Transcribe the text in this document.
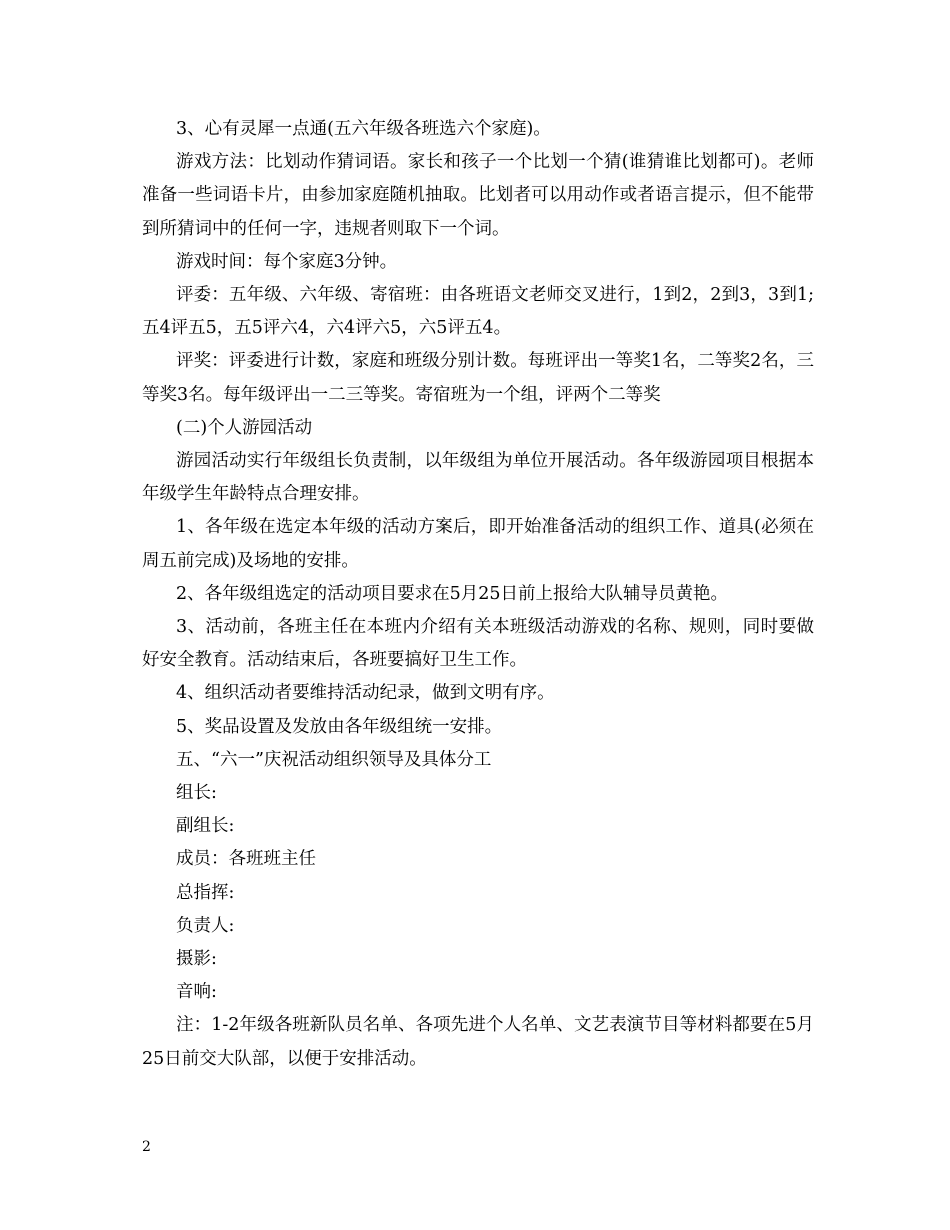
3、心有灵犀一点通(五六年级各班选六个家庭)。

游戏方法：比划动作猜词语。家长和孩子一个比划一个猜(谁猜谁比划都可)。老师准备一些词语卡片，由参加家庭随机抽取。比划者可以用动作或者语言提示，但不能带到所猜词中的任何一字，违规者则取下一个词。

游戏时间：每个家庭3分钟。

评委：五年级、六年级、寄宿班：由各班语文老师交叉进行，1到2，2到3，3到1;五4评五5，五5评六4，六4评六5，六5评五4。

评奖：评委进行计数，家庭和班级分别计数。每班评出一等奖1名，二等奖2名，三等奖3名。每年级评出一二三等奖。寄宿班为一个组，评两个二等奖

(二)个人游园活动

游园活动实行年级组长负责制，以年级组为单位开展活动。各年级游园项目根据本年级学生年龄特点合理安排。

1、各年级在选定本年级的活动方案后，即开始准备活动的组织工作、道具(必须在周五前完成)及场地的安排。

2、各年级组选定的活动项目要求在5月25日前上报给大队辅导员黄艳。

3、活动前，各班主任在本班内介绍有关本班级活动游戏的名称、规则，同时要做好安全教育。活动结束后，各班要搞好卫生工作。

4、组织活动者要维持活动纪录，做到文明有序。

5、奖品设置及发放由各年级组统一安排。

五、“六一”庆祝活动组织领导及具体分工

组长:

副组长:

成员：各班班主任

总指挥:

负责人:

摄影:

音响:

注：1-2年级各班新队员名单、各项先进个人名单、文艺表演节目等材料都要在5月25日前交大队部，以便于安排活动。

2
